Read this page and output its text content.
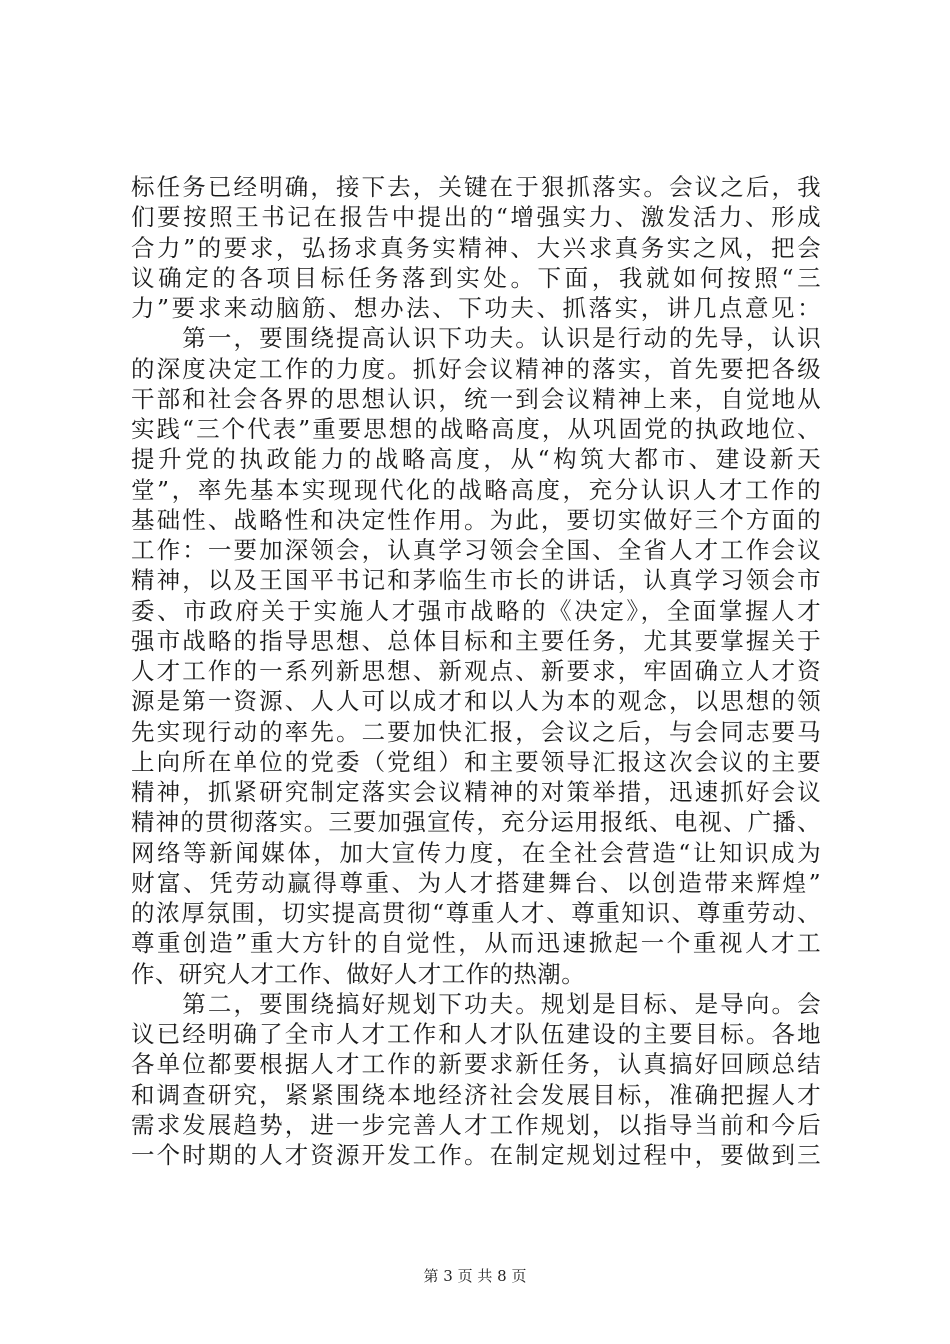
标任务已经明确，接下去，关键在于狠抓落实。会议之后，我
们要按照王书记在报告中提出的“增强实力、激发活力、形成
合力”的要求，弘扬求真务实精神、大兴求真务实之风，把会
议确定的各项目标任务落到实处。下面，我就如何按照“三
力”要求来动脑筋、想办法、下功夫、抓落实，讲几点意见：
　　第一，要围绕提高认识下功夫。认识是行动的先导，认识
的深度决定工作的力度。抓好会议精神的落实，首先要把各级
干部和社会各界的思想认识，统一到会议精神上来，自觉地从
实践“三个代表”重要思想的战略高度，从巩固党的执政地位、
提升党的执政能力的战略高度，从“构筑大都市、建设新天
堂”，率先基本实现现代化的战略高度，充分认识人才工作的
基础性、战略性和决定性作用。为此，要切实做好三个方面的
工作：一要加深领会，认真学习领会全国、全省人才工作会议
精神，以及王国平书记和茅临生市长的讲话，认真学习领会市
委、市政府关于实施人才强市战略的《决定》，全面掌握人才
强市战略的指导思想、总体目标和主要任务，尤其要掌握关于
人才工作的一系列新思想、新观点、新要求，牢固确立人才资
源是第一资源、人人可以成才和以人为本的观念，以思想的领
先实现行动的率先。二要加快汇报，会议之后，与会同志要马
上向所在单位的党委（党组）和主要领导汇报这次会议的主要
精神，抓紧研究制定落实会议精神的对策举措，迅速抓好会议
精神的贯彻落实。三要加强宣传，充分运用报纸、电视、广播、
网络等新闻媒体，加大宣传力度，在全社会营造“让知识成为
财富、凭劳动赢得尊重、为人才搭建舞台、以创造带来辉煌”
的浓厚氛围，切实提高贯彻“尊重人才、尊重知识、尊重劳动、
尊重创造”重大方针的自觉性，从而迅速掀起一个重视人才工
作、研究人才工作、做好人才工作的热潮。
　　第二，要围绕搞好规划下功夫。规划是目标、是导向。会
议已经明确了全市人才工作和人才队伍建设的主要目标。各地
各单位都要根据人才工作的新要求新任务，认真搞好回顾总结
和调查研究，紧紧围绕本地经济社会发展目标，准确把握人才
需求发展趋势，进一步完善人才工作规划，以指导当前和今后
一个时期的人才资源开发工作。在制定规划过程中，要做到三
第 3 页 共 8 页
